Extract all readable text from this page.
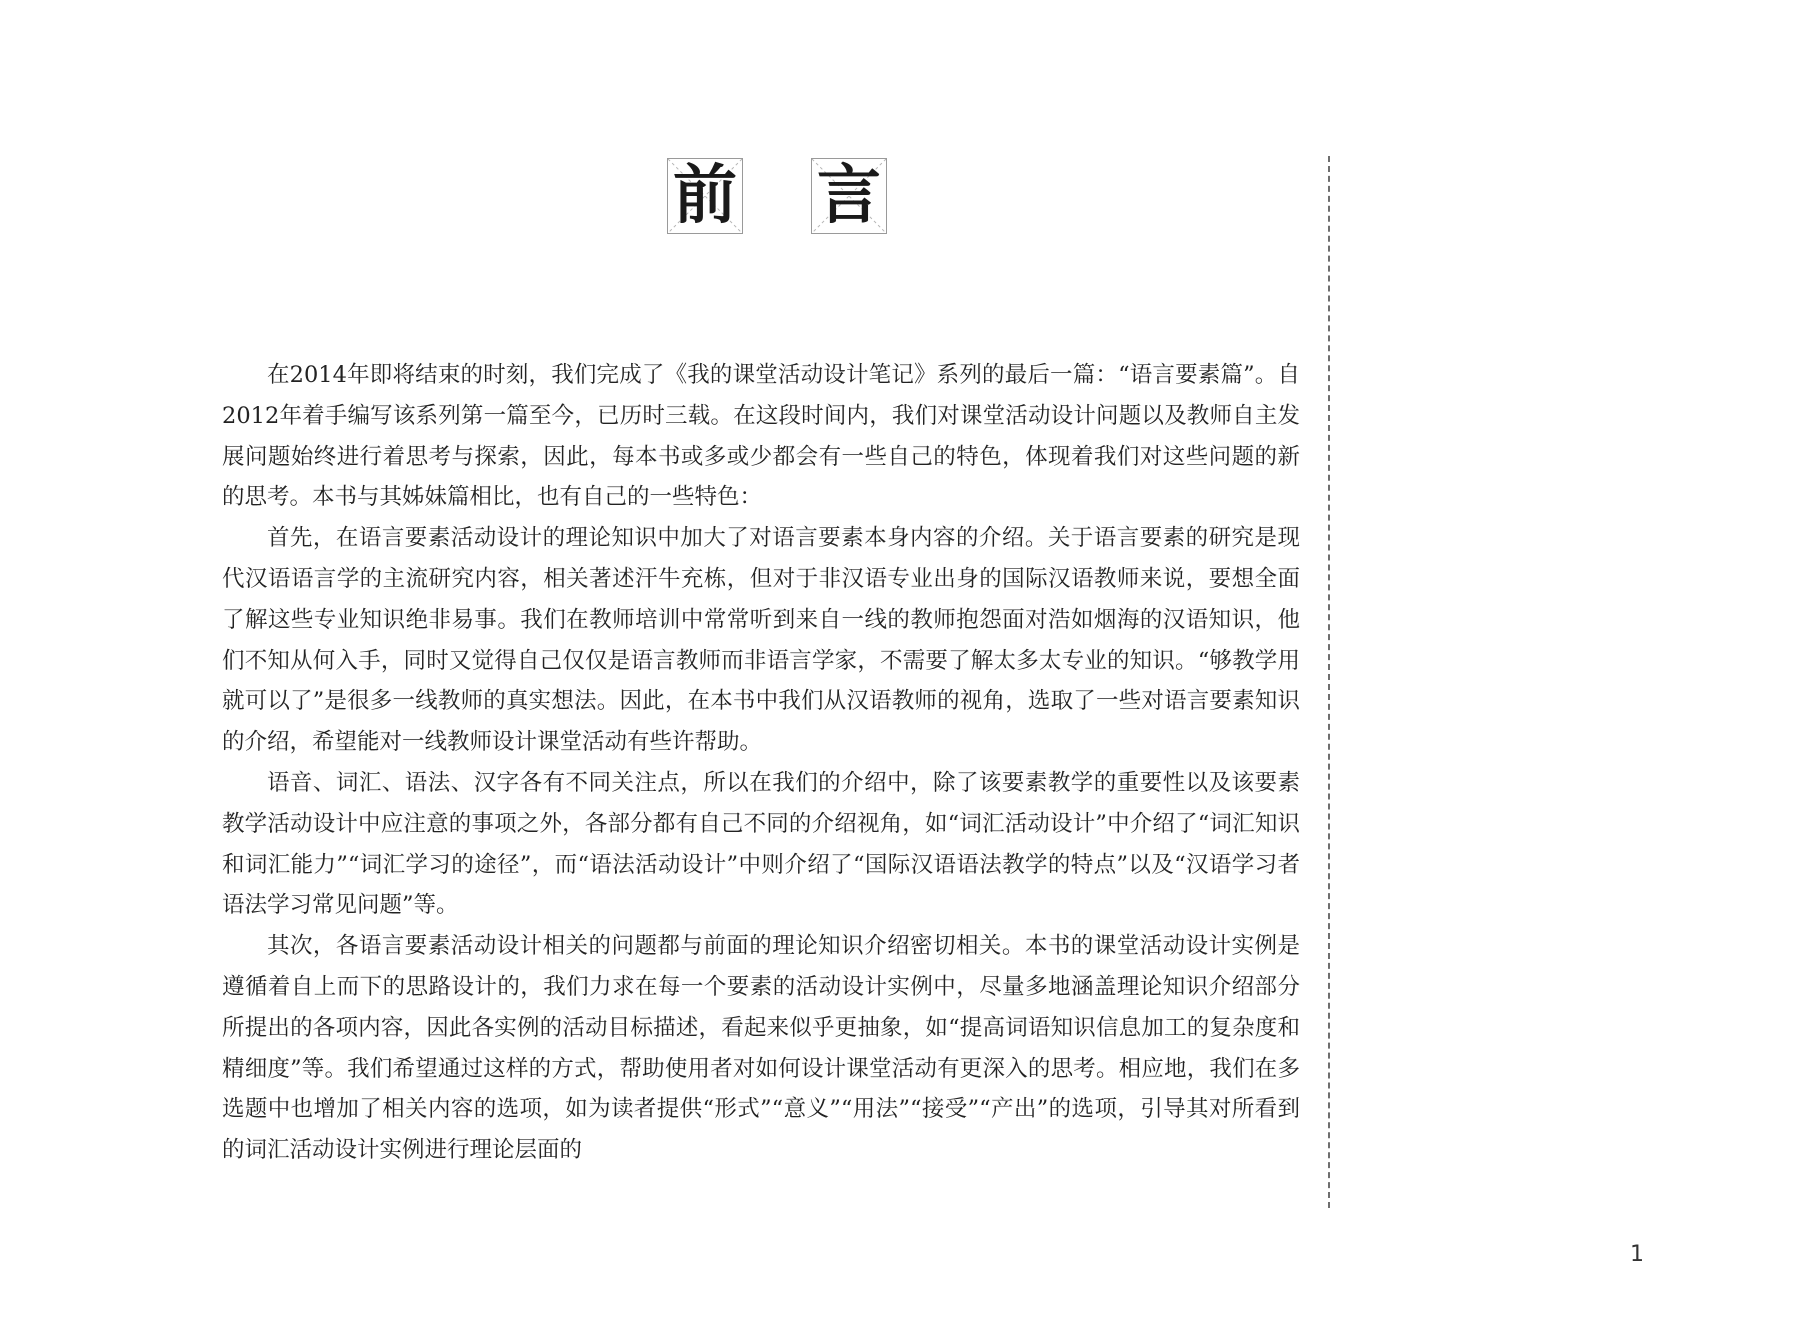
前 言

在2014年即将结束的时刻，我们完成了《我的课堂活动设计笔记》系列的最后一篇：“语言要素篇”。自2012年着手编写该系列第一篇至今，已历时三载。在这段时间内，我们对课堂活动设计问题以及教师自主发展问题始终进行着思考与探索，因此，每本书或多或少都会有一些自己的特色，体现着我们对这些问题的新的思考。本书与其姊妹篇相比，也有自己的一些特色：

首先，在语言要素活动设计的理论知识中加大了对语言要素本身内容的介绍。关于语言要素的研究是现代汉语语言学的主流研究内容，相关著述汗牛充栋，但对于非汉语专业出身的国际汉语教师来说，要想全面了解这些专业知识绝非易事。我们在教师培训中常常听到来自一线的教师抱怨面对浩如烟海的汉语知识，他们不知从何入手，同时又觉得自己仅仅是语言教师而非语言学家，不需要了解太多太专业的知识。“够教学用就可以了”是很多一线教师的真实想法。因此，在本书中我们从汉语教师的视角，选取了一些对语言要素知识的介绍，希望能对一线教师设计课堂活动有些许帮助。

语音、词汇、语法、汉字各有不同关注点，所以在我们的介绍中，除了该要素教学的重要性以及该要素教学活动设计中应注意的事项之外，各部分都有自己不同的介绍视角，如“词汇活动设计”中介绍了“词汇知识和词汇能力”“词汇学习的途径”，而“语法活动设计”中则介绍了“国际汉语语法教学的特点”以及“汉语学习者语法学习常见问题”等。

其次，各语言要素活动设计相关的问题都与前面的理论知识介绍密切相关。本书的课堂活动设计实例是遵循着自上而下的思路设计的，我们力求在每一个要素的活动设计实例中，尽量多地涵盖理论知识介绍部分所提出的各项内容，因此各实例的活动目标描述，看起来似乎更抽象，如“提高词语知识信息加工的复杂度和精细度”等。我们希望通过这样的方式，帮助使用者对如何设计课堂活动有更深入的思考。相应地，我们在多选题中也增加了相关内容的选项，如为读者提供“形式”“意义”“用法”“接受”“产出”的选项，引导其对所看到的词汇活动设计实例进行理论层面的

1
